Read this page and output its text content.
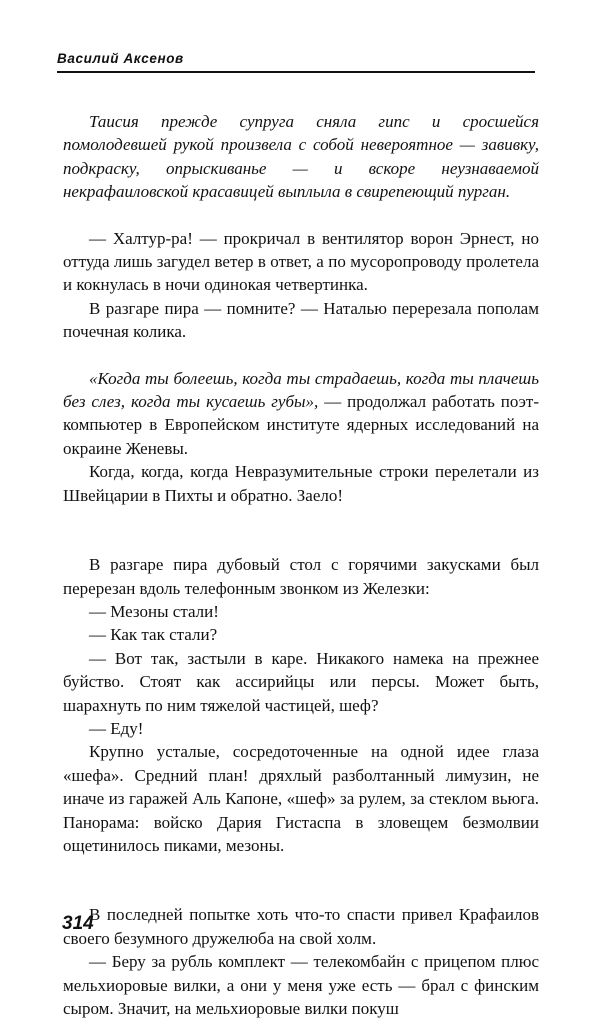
Василий Аксенов

Таисия прежде супруга сняла гипс и сросшейся помолодевшей рукой произвела с собой невероятное — завивку, подкраску, опрыскиванье — и вскоре неузнаваемой некрафаиловской красавицей выплыла в свирепеющий пурган.

— Халтур-ра! — прокричал в вентилятор ворон Эрнест, но оттуда лишь загудел ветер в ответ, а по мусоропроводу пролетела и кокнулась в ночи одинокая четвертинка.

В разгаре пира — помните? — Наталью перерезала пополам почечная колика.

«Когда ты болеешь, когда ты страдаешь, когда ты плачешь без слез, когда ты кусаешь губы», — продолжал работать поэт-компьютер в Европейском институте ядерных исследований на окраине Женевы.

Когда, когда, когда Невразумительные строки перелетали из Швейцарии в Пихты и обратно. Заело!

В разгаре пира дубовый стол с горячими закусками был перерезан вдоль телефонным звонком из Железки:

— Мезоны стали!

— Как так стали?

— Вот так, застыли в каре. Никакого намека на прежнее буйство. Стоят как ассирийцы или персы. Может быть, шарахнуть по ним тяжелой частицей, шеф?

— Еду!

Крупно усталые, сосредоточенные на одной идее глаза «шефа». Средний план! дряхлый разболтанный лимузин, не иначе из гаражей Аль Капоне, «шеф» за рулем, за стеклом вьюга. Панорама: войско Дария Гистаспа в зловещем безмолвии ощетинилось пиками, мезоны.

В последней попытке хоть что-то спасти привел Крафаилов своего безумного дружелюба на свой холм.

— Беру за рубль комплект — телекомбайн с прицепом плюс мельхиоровые вилки, а они у меня уже есть — брал с финским сыром. Значит, на мельхиоровые вилки покуш

314
